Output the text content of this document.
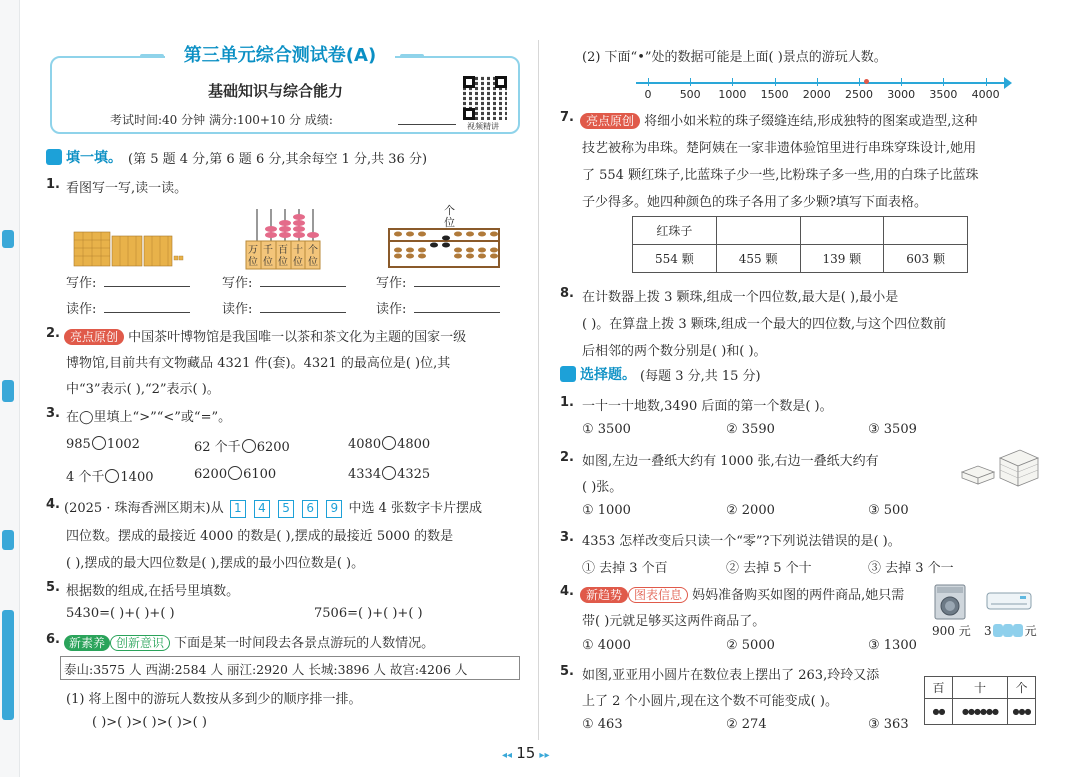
第三单元综合测试卷(A)
基础知识与综合能力
考试时间:40 分钟 满分:100+10 分 成绩:	视频精讲
填一填。 (第 5 题 4 分,第 6 题 6 分,其余每空 1 分,共 36 分)
1. 看图写一写,读一读。
万 千 百 十 个
位 位 位 位 位
个
位
写作:
读作:
写作:
读作:
写作:
读作:
2. 亮点原创 中国茶叶博物馆是我国唯一以茶和茶文化为主题的国家一级
博物馆,目前共有文物藏品 4321 件(套)。4321 的最高位是( )位,其
中“3”表示( ),“2”表示( )。
3. 在◯里填上“>”“<”或“=”。
985 1002	62 个千 6200	4080 4800
4 个千 1400	6200 6100	4334 4325
4. (2025 · 珠海香洲区期末)从 1 4 5 6 9 中选 4 张数字卡片摆成
四位数。摆成的最接近 4000 的数是( ),摆成的最接近 5000 的数是
( ),摆成的最大四位数是( ),摆成的最小四位数是( )。
5. 根据数的组成,在括号里填数。
5430=( )+( )+( )	7506=( )+( )+( )
6. 新素养 创新意识 下面是某一时间段去各景点游玩的人数情况。
泰山:3575 人 西湖:2584 人 丽江:2920 人 长城:3896 人 故宫:4206 人
(1) 将上图中的游玩人数按从多到少的顺序排一排。
( )>( )>( )>( )>( )
(2) 下面“•”处的数据可能是上面( )景点的游玩人数。
0	500 1000 1500 2000 2500 3000 3500 4000
7.	亮点原创 将细小如米粒的珠子缀缝连结,形成独特的图案或造型,这种
技艺被称为串珠。楚阿姨在一家非遗体验馆里进行串珠穿珠设计,她用
了 554 颗红珠子,比蓝珠子少一些,比粉珠子多一些,用的白珠子比蓝珠
子少得多。她四种颜色的珠子各用了多少颗?填写下面表格。
红珠子			
554 颗	455 颗	139 颗	603 颗
8. 在计数器上拨 3 颗珠,组成一个四位数,最大是( ),最小是
( )。在算盘上拨 3 颗珠,组成一个最大的四位数,与这个四位数前
后相邻的两个数分别是( )和( )。
选择题。 (每题 3 分,共 15 分)
1. 一十一十地数,3490 后面的第一个数是( )。
① 3500	② 3590	③ 3509
2. 如图,左边一叠纸大约有 1000 张,右边一叠纸大约有
( )张。
① 1000	② 2000	③ 500
3. 4353 怎样改变后只读一个“零”?下列说法错误的是( )。
① 去掉 3 个百	② 去掉 5 个十	③ 去掉 3 个一
4.	新趋势 图表信息 妈妈准备购买如图的两件商品,她只需
带( )元就足够买这两件商品了。
① 4000	② 5000	③ 1300
900 元 3	元
5. 如图,亚亚用小圆片在数位表上摆出了 263,玲玲又添
上了 2 个小圆片,现在这个数不可能变成( )。
① 463	② 274	③ 363
百	十	个
●●	●●●●●●	●●●
◂◂ 15 ▸▸
